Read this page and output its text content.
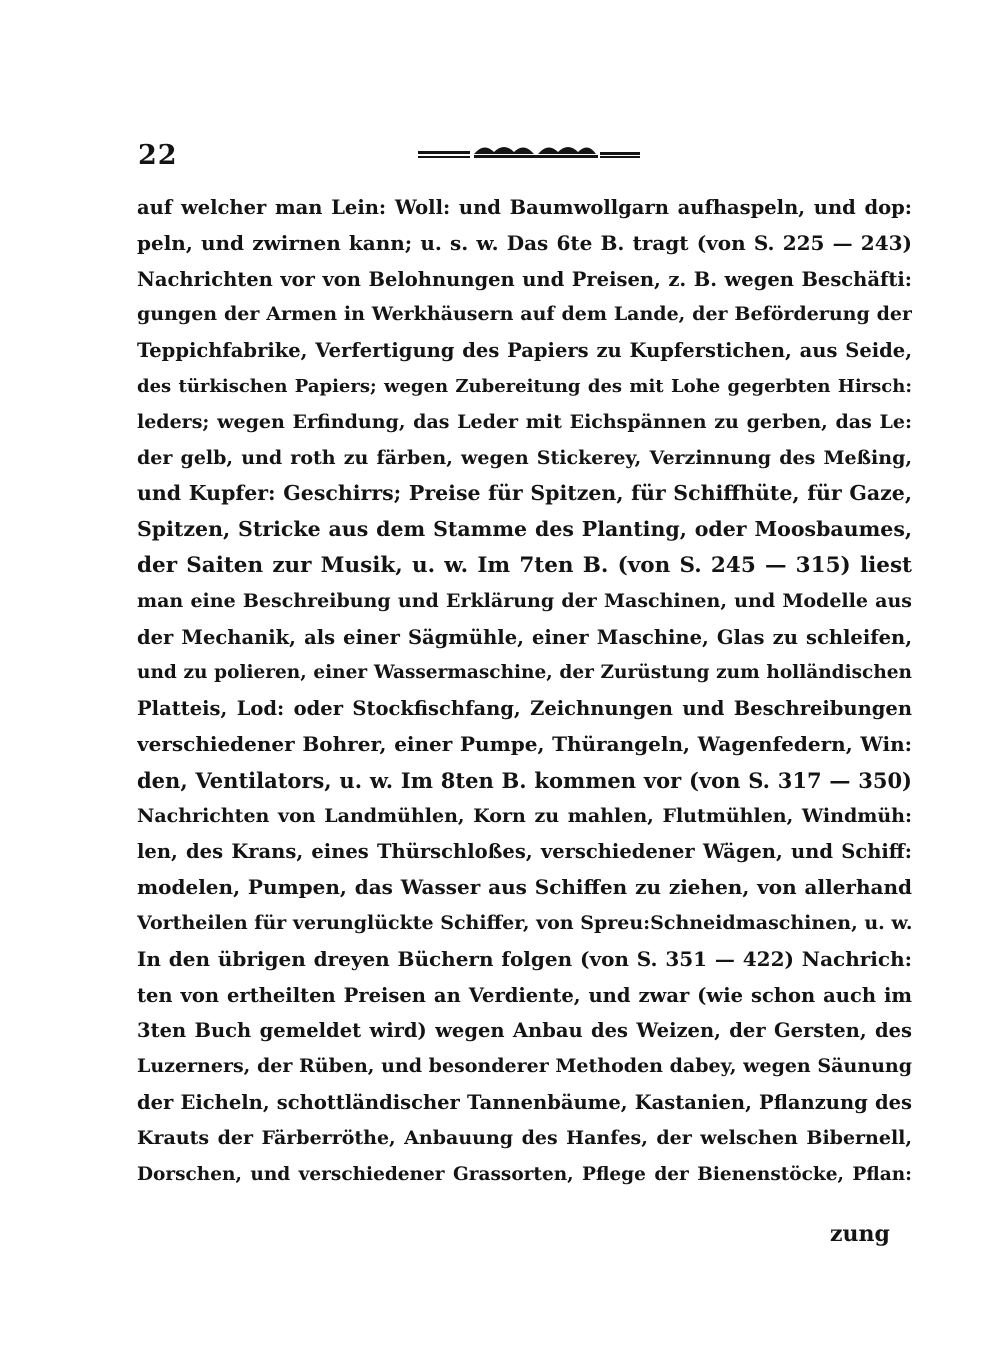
22
auf welcher man Lein: Woll: und Baumwollgarn aufhaspeln, und dop:
peln, und zwirnen kann; u. s. w. Das 6te B. tragt (von S. 225 — 243)
Nachrichten vor von Belohnungen und Preisen, z. B. wegen Beschäfti:
gungen der Armen in Werkhäusern auf dem Lande, der Beförderung der
Teppichfabrike, Verfertigung des Papiers zu Kupferstichen, aus Seide,
des türkischen Papiers; wegen Zubereitung des mit Lohe gegerbten Hirsch:
leders; wegen Erfindung, das Leder mit Eichspännen zu gerben, das Le:
der gelb, und roth zu färben, wegen Stickerey, Verzinnung des Meßing,
und Kupfer: Geschirrs; Preise für Spitzen, für Schiffhüte, für Gaze,
Spitzen, Stricke aus dem Stamme des Planting, oder Moosbaumes,
der Saiten zur Musik, u. w. Im 7ten B. (von S. 245 — 315) liest
man eine Beschreibung und Erklärung der Maschinen, und Modelle aus
der Mechanik, als einer Sägmühle, einer Maschine, Glas zu schleifen,
und zu polieren, einer Wassermaschine, der Zurüstung zum holländischen
Platteis, Lod: oder Stockfischfang, Zeichnungen und Beschreibungen
verschiedener Bohrer, einer Pumpe, Thürangeln, Wagenfedern, Win:
den, Ventilators, u. w. Im 8ten B. kommen vor (von S. 317 — 350)
Nachrichten von Landmühlen, Korn zu mahlen, Flutmühlen, Windmüh:
len, des Krans, eines Thürschloßes, verschiedener Wägen, und Schiff:
modelen, Pumpen, das Wasser aus Schiffen zu ziehen, von allerhand
Vortheilen für verunglückte Schiffer, von Spreu:Schneidmaschinen, u. w.
In den übrigen dreyen Büchern folgen (von S. 351 — 422) Nachrich:
ten von ertheilten Preisen an Verdiente, und zwar (wie schon auch im
3ten Buch gemeldet wird) wegen Anbau des Weizen, der Gersten, des
Luzerners, der Rüben, und besonderer Methoden dabey, wegen Säunung
der Eicheln, schottländischer Tannenbäume, Kastanien, Pflanzung des
Krauts der Färberröthe, Anbauung des Hanfes, der welschen Bibernell,
Dorschen, und verschiedener Grassorten, Pflege der Bienenstöcke, Pflan:
zung
